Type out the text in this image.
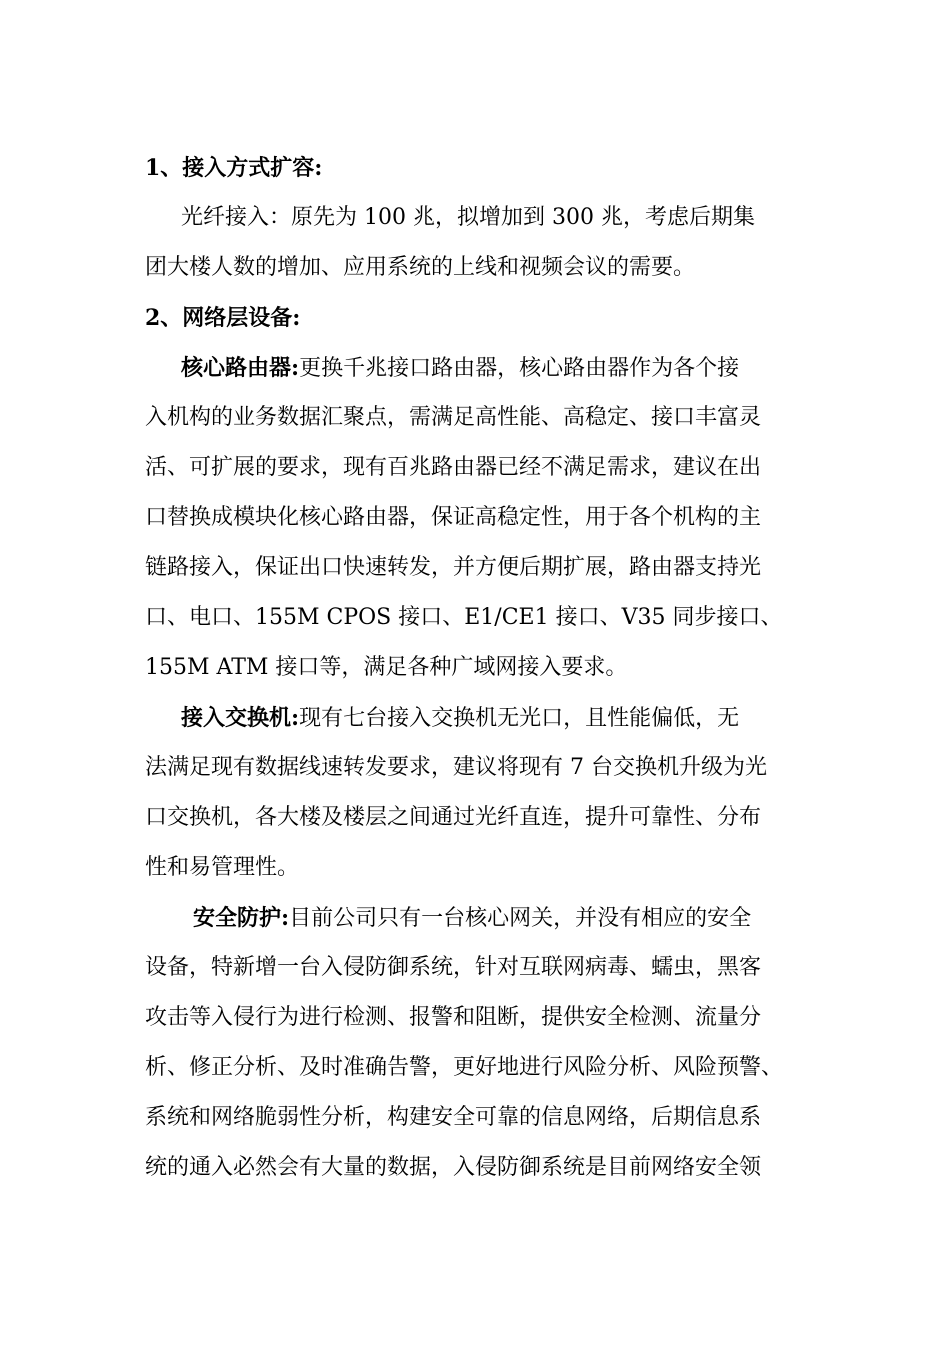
1、接入方式扩容:
光纤接入：原先为 100 兆，拟增加到 300 兆，考虑后期集
团大楼人数的增加、应用系统的上线和视频会议的需要。
2、网络层设备:
核心路由器:更换千兆接口路由器，核心路由器作为各个接
入机构的业务数据汇聚点，需满足高性能、高稳定、接口丰富灵
活、可扩展的要求，现有百兆路由器已经不满足需求，建议在出
口替换成模块化核心路由器，保证高稳定性，用于各个机构的主
链路接入，保证出口快速转发，并方便后期扩展，路由器支持光
口、电口、155M CPOS 接口、E1/CE1 接口、V35 同步接口、
155M ATM 接口等，满足各种广域网接入要求。
接入交换机:现有七台接入交换机无光口，且性能偏低，无
法满足现有数据线速转发要求，建议将现有 7 台交换机升级为光
口交换机，各大楼及楼层之间通过光纤直连，提升可靠性、分布
性和易管理性。
安全防护:目前公司只有一台核心网关，并没有相应的安全
设备，特新增一台入侵防御系统，针对互联网病毒、蠕虫，黑客
攻击等入侵行为进行检测、报警和阻断，提供安全检测、流量分
析、修正分析、及时准确告警，更好地进行风险分析、风险预警、
系统和网络脆弱性分析，构建安全可靠的信息网络，后期信息系
统的通入必然会有大量的数据，入侵防御系统是目前网络安全领
